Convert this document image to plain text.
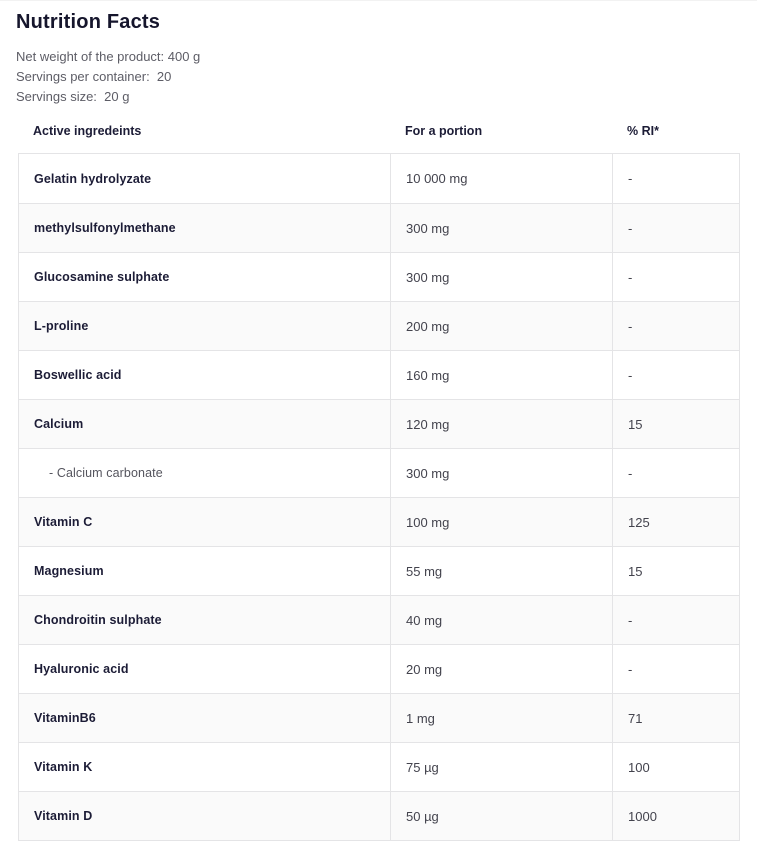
Nutrition Facts

Net weight of the product: 400 g

Servings per container:  20

Servings size:  20 g

Active ingredeints	For a portion	% RI*
Gelatin hydrolyzate	10 000 mg	-
methylsulfonylmethane	300 mg	-
Glucosamine sulphate	300 mg	-
L-proline	200 mg	-
Boswellic acid	160 mg	-
Calcium	120 mg	15
- Calcium carbonate	300 mg	-
Vitamin C	100 mg	125
Magnesium	55 mg	15
Chondroitin sulphate	40 mg	-
Hyaluronic acid	20 mg	-
VitaminB6	1 mg	71
Vitamin K	75 µg	100
Vitamin D	50 µg	1000
